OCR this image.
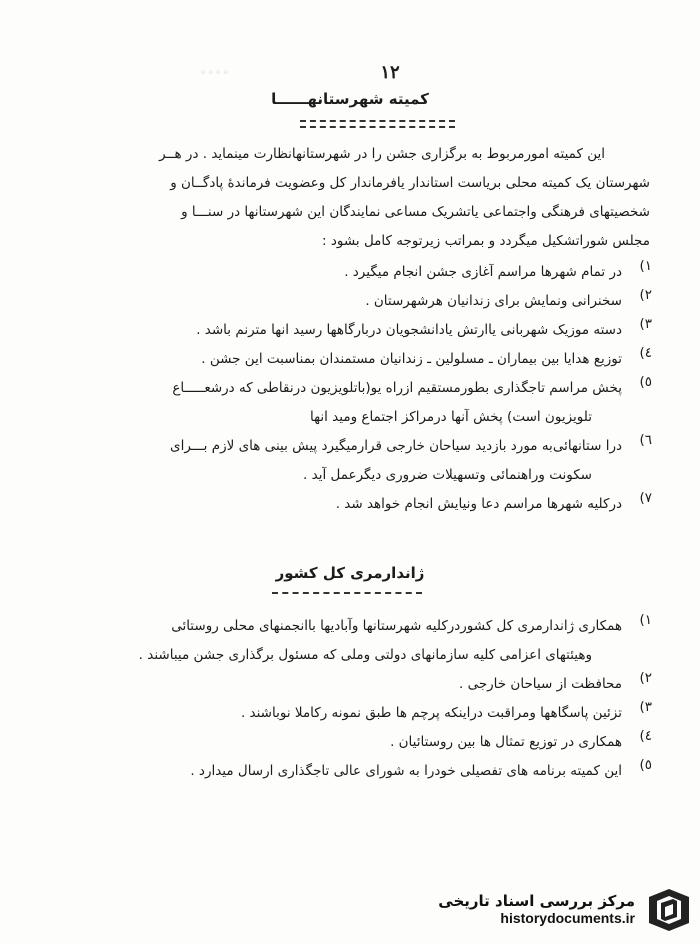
◦◦◦◦	١٢
کمیته شهرستانهــــــا
این کمیته امورمربوط به برگزاری جشن را در شهرستانهانظارت مینماید . در هــر
شهرستان یک کمیته محلی بریاست استاندار یافرماندار کل وعضویت فرماندهٔ پادگــان و
شخصیتهای فرهنگی واجتماعی یاتشریک مساعی نمایندگان این شهرستانها در سنـــا و
مجلس شوراتشکیل میگردد و بمراتب زیرتوجه کامل بشود :
١)
در تمام شهرها مراسم آغازی جشن انجام میگیرد .
٢)
سخنرانی ونمایش برای زندانیان هرشهرستان .
٣)
دسته موزیک شهربانی یاارتش یادانشجویان دربارگاهها رسید انها مترنم باشد .
٤)
توزیع هدایا بین بیماران ـ مسلولین ـ زندانیان مستمندان بمناسبت این جشن .
٥)
پخش مراسم تاجگذاری بطورمستقیم ازراه یو(باتلویزیون درنقاطی که درشعـــــاع
تلویزیون است) پخش آنها درمراکز اجتماع ومید انها
٦)
درا ستانهائی‌به مورد بازدید سیاحان خارجی قرارمیگیرد پیش بینی های لازم بـــرای
سکونت وراهنمائی وتسهیلات ضروری دیگرعمل آید .
٧)
درکلیه شهرها مراسم دعا ونیایش انجام خواهد شد .
ژاندارمری کل کشور
١)
همکاری ژاندارمری کل کشوردرکلیه شهرستانها وآبادیها باانجمنهای محلی روستائی
وهیئتهای اعزامی کلیه سازمانهای دولتی وملی که مسئول برگذاری جشن میباشند .
٢)
محافظت از سیاحان خارجی .
٣)
تزئین پاسگاهها ومراقبت دراینکه پرچم ها طبق نمونه رکاملا نوباشند .
٤)
همکاری در توزیع تمثال ها بین روستائیان .
٥)
این کمیته برنامه های تفصیلی خودرا به شورای عالی تاجگذاری ارسال میدارد .
مرکز بررسی اسناد تاریخی
historydocuments.ir
